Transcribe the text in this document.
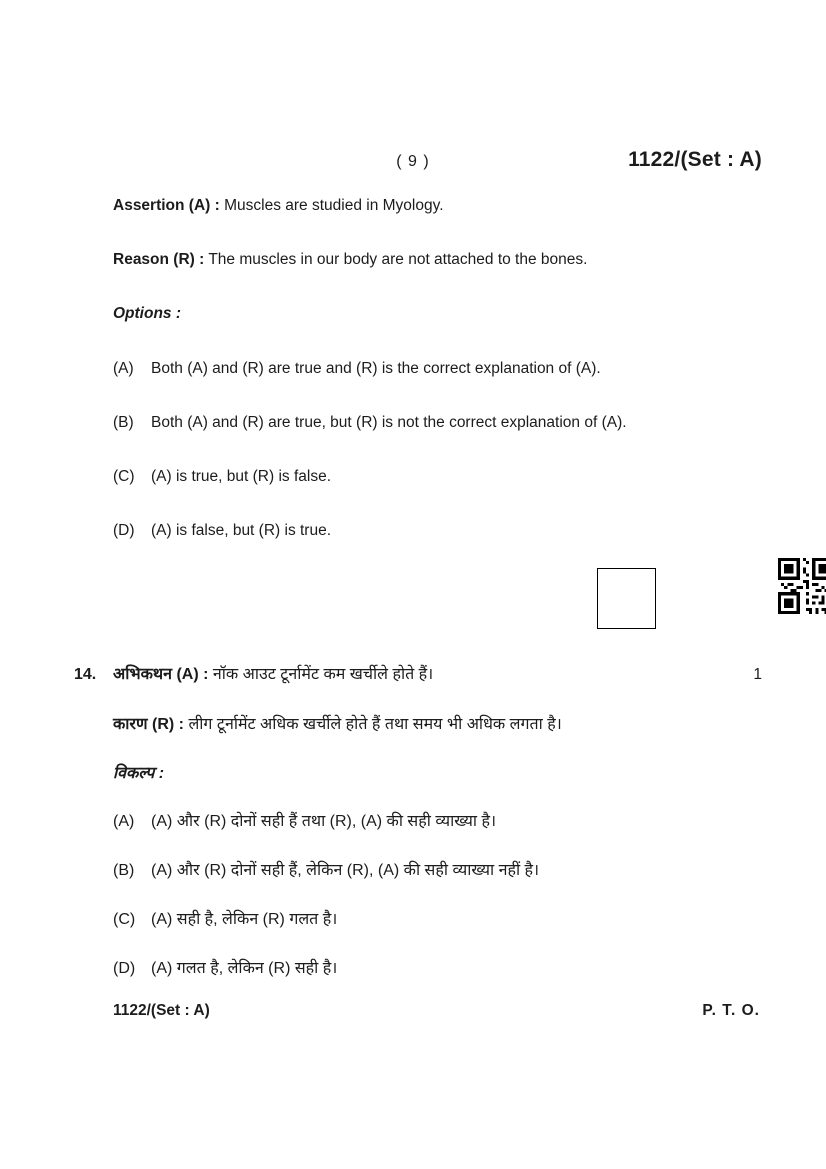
( 9 )	1122/(Set : A)
Assertion (A) : Muscles are studied in Myology.
Reason (R) : The muscles in our body are not attached to the bones.
Options :
(A)	Both (A) and (R) are true and (R) is the correct explanation of (A).
(B)	Both (A) and (R) are true, but (R) is not the correct explanation of (A).
(C)	(A) is true, but (R) is false.
(D)	(A) is false, but (R) is true.
14. अभिकथन (A) : नॉक आउट टूर्नामेंट कम खर्चीले होते हैं।	1
कारण (R) : लीग टूर्नामेंट अधिक खर्चीले होते हैं तथा समय भी अधिक लगता है।
विकल्प :
(A)	(A) और (R) दोनों सही हैं तथा (R), (A) की सही व्याख्या है।
(B)	(A) और (R) दोनों सही हैं, लेकिन (R), (A) की सही व्याख्या नहीं है।
(C) (A) सही है, लेकिन (R) गलत है।
(D) (A) गलत है, लेकिन (R) सही है।
1122/(Set : A)	P. T. O.
